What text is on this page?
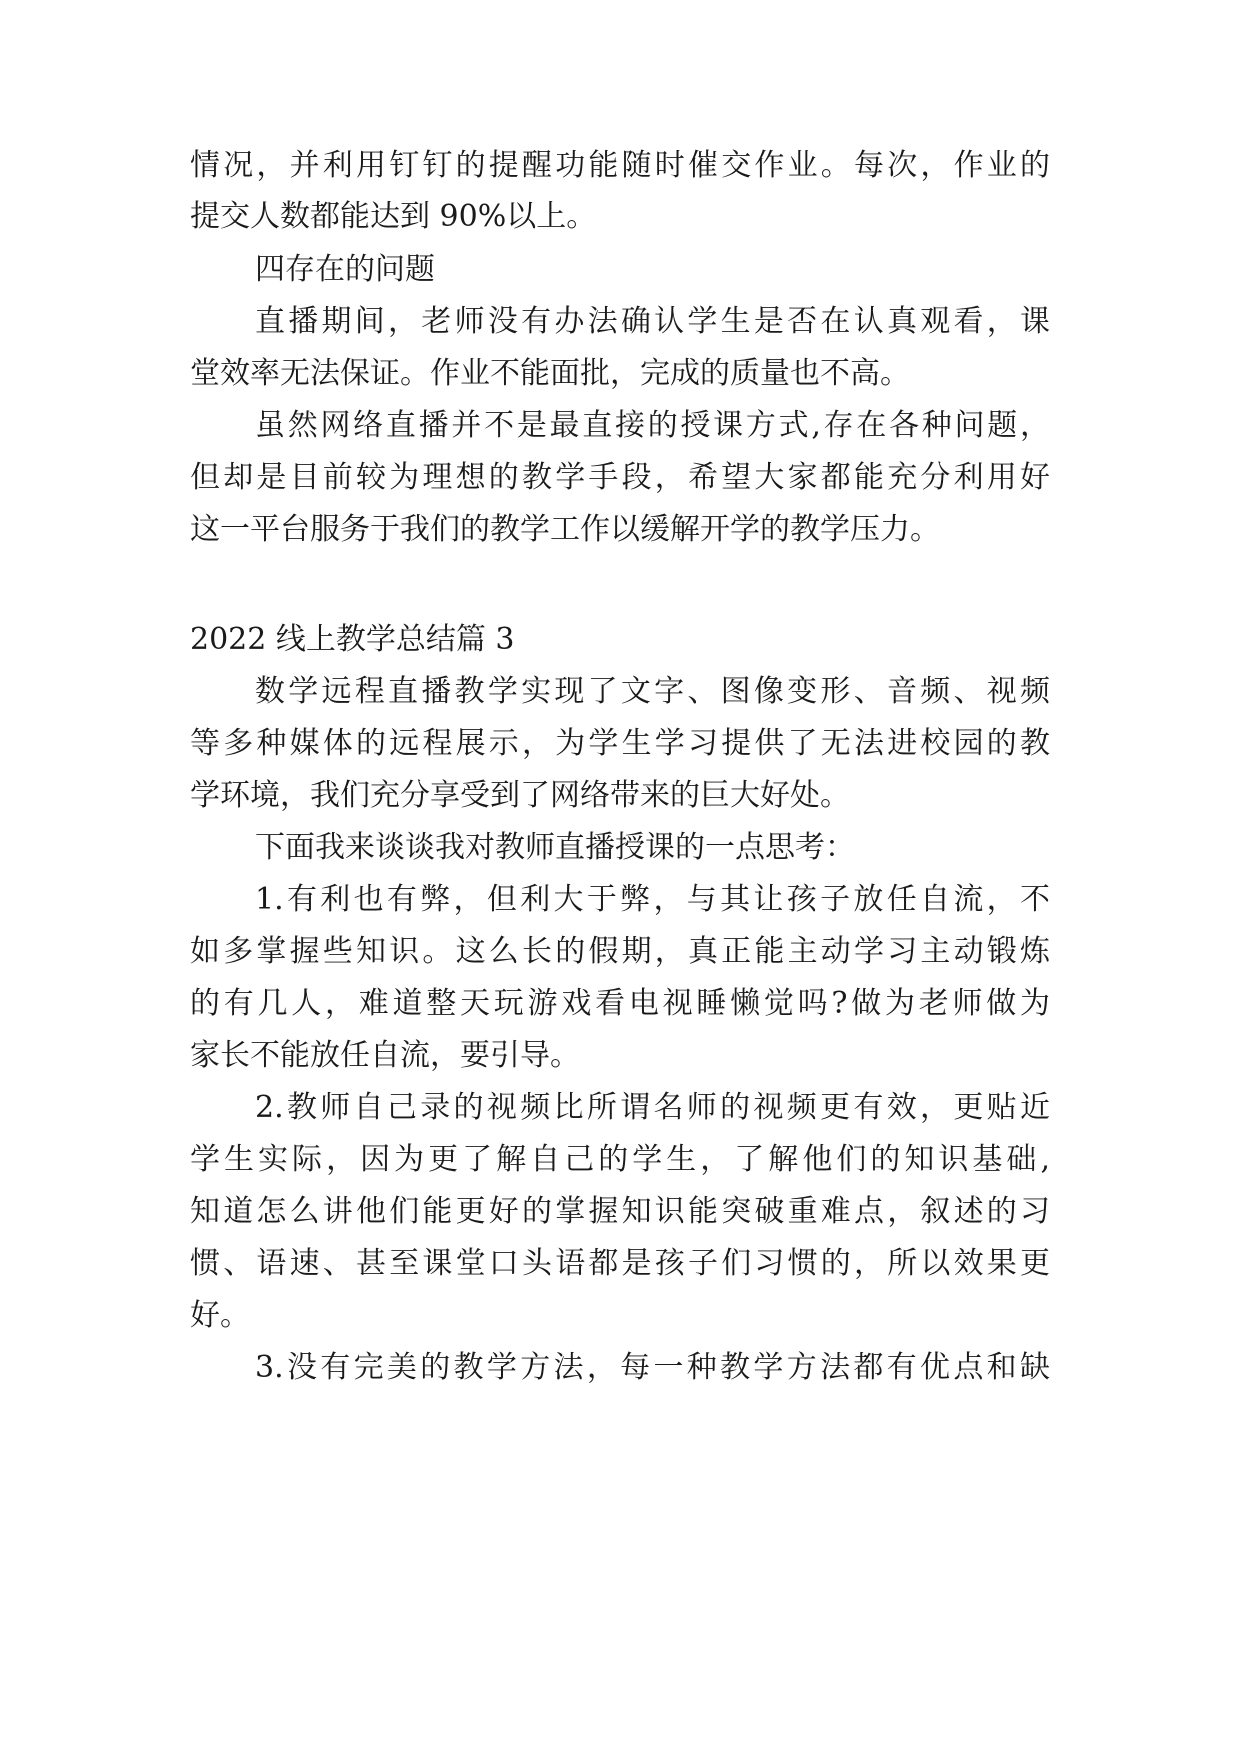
情况，并利用钉钉的提醒功能随时催交作业。每次，作业的
提交人数都能达到 90%以上。
四存在的问题
直播期间，老师没有办法确认学生是否在认真观看，课
堂效率无法保证。作业不能面批，完成的质量也不高。
虽然网络直播并不是最直接的授课方式,存在各种问题，
但却是目前较为理想的教学手段，希望大家都能充分利用好
这一平台服务于我们的教学工作以缓解开学的教学压力。
2022 线上教学总结篇 3
数学远程直播教学实现了文字、图像变形、音频、视频
等多种媒体的远程展示，为学生学习提供了无法进校园的教
学环境，我们充分享受到了网络带来的巨大好处。
下面我来谈谈我对教师直播授课的一点思考：
1.有利也有弊，但利大于弊，与其让孩子放任自流，不
如多掌握些知识。这么长的假期，真正能主动学习主动锻炼
的有几人，难道整天玩游戏看电视睡懒觉吗?做为老师做为
家长不能放任自流，要引导。
2.教师自己录的视频比所谓名师的视频更有效，更贴近
学生实际，因为更了解自己的学生，了解他们的知识基础,
知道怎么讲他们能更好的掌握知识能突破重难点，叙述的习
惯、语速、甚至课堂口头语都是孩子们习惯的，所以效果更
好。
3.没有完美的教学方法，每一种教学方法都有优点和缺
